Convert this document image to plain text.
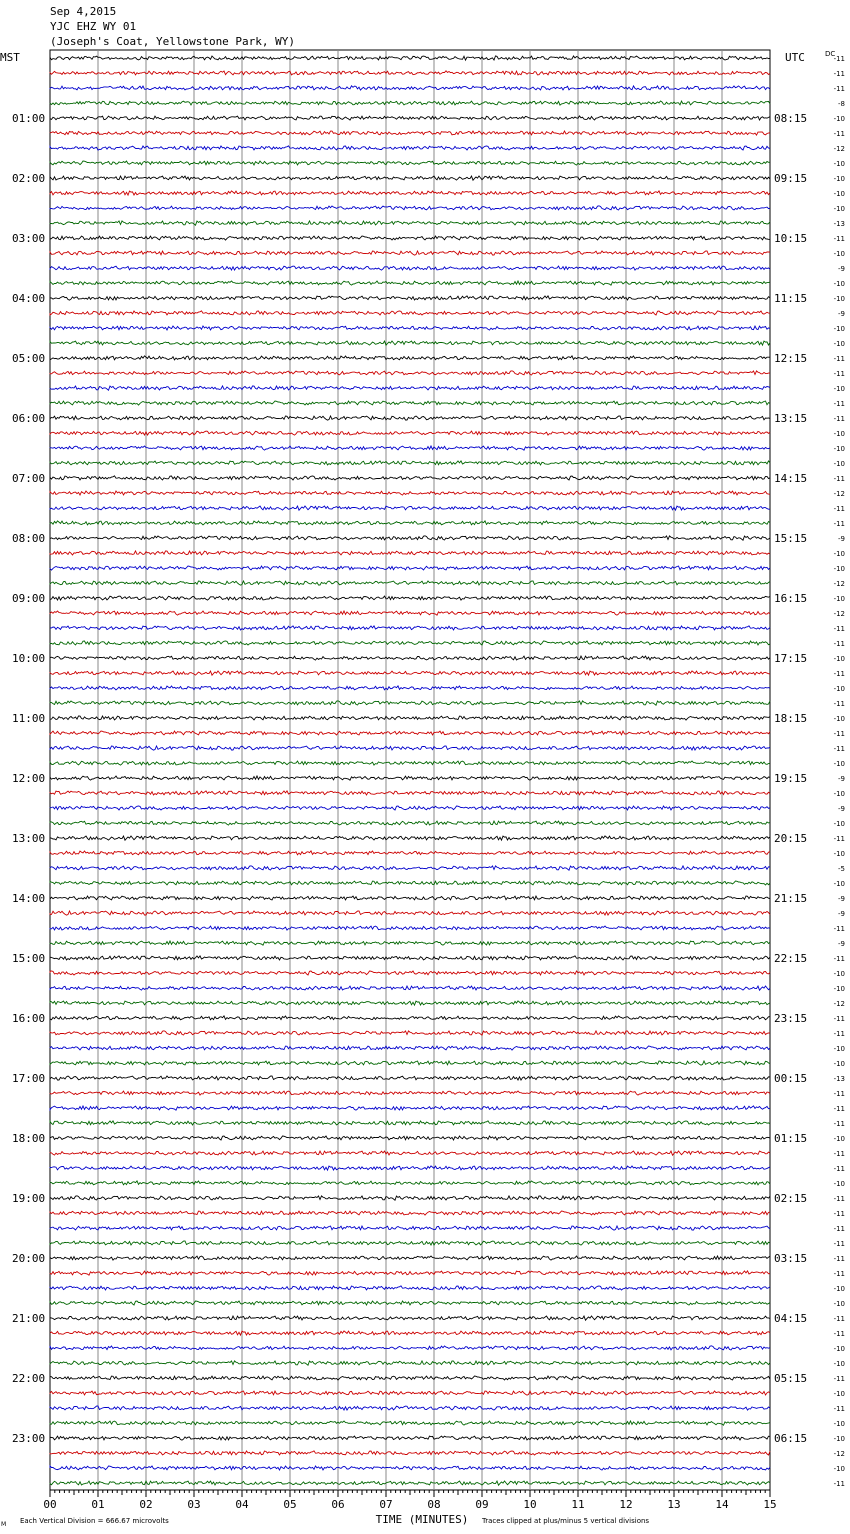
Sep 4,2015
YJC EHZ WY 01
(Joseph's Coat, Yellowstone Park, WY)
-11
-11
-11
-8
-10
-11
-12
-10
-10
-10
-10
-13
-11
-10
-9
-10
-10
-9
-10
-10
-11
-11
-10
-11
-11
-10
-10
-10
-11
-12
-11
-11
-9
-10
-10
-12
-10
-12
-11
-11
-10
-11
-10
-11
-10
-11
-11
-10
-9
-10
-9
-10
-11
-10
-5
-10
-9
-9
-11
-9
-11
-10
-10
-12
-11
-11
-10
-10
-13
-11
-11
-11
-10
-11
-11
-10
-11
-11
-11
-11
-11
-11
-10
-10
-11
-11
-10
-10
-11
-10
-11
-10
-10
-12
-10
-11
DC
MST	UTC
01:00
02:00
03:00
04:00
05:00
06:00
07:00
08:00
09:00
10:00
11:00
12:00
13:00
14:00
15:00
16:00
17:00
18:00
19:00
20:00
21:00
22:00
23:00
08:15
09:15
10:15
11:15
12:15
13:15
14:15
15:15
16:15
17:15
18:15
19:15
20:15
21:15
22:15
23:15
00:15
01:15
02:15
03:15
04:15
05:15
06:15
00	01	02	03	04	05	06	07	08	09	10	11	12	13	14	15
TIME (MINUTES)
Each Vertical Division = 666.67 microvolts	Traces clipped at plus/minus 5 vertical divisions
M
